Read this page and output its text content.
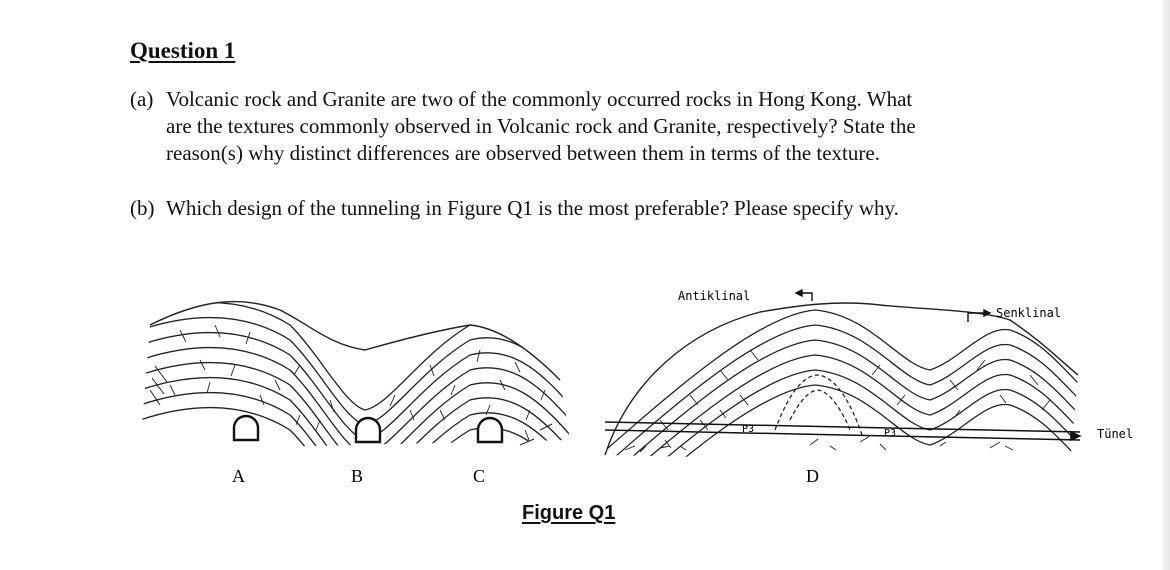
Question 1
(a) Volcanic rock and Granite are two of the commonly occurred rocks in Hong Kong. What
are the textures commonly observed in Volcanic rock and Granite, respectively? State the
reason(s) why distinct differences are observed between them in terms of the texture.
(b) Which design of the tunneling in Figure Q1 is the most preferable? Please specify why.
A	B	C
Antiklinal
Senklinal
Tünel
P3	P3
D

Figure Q1
